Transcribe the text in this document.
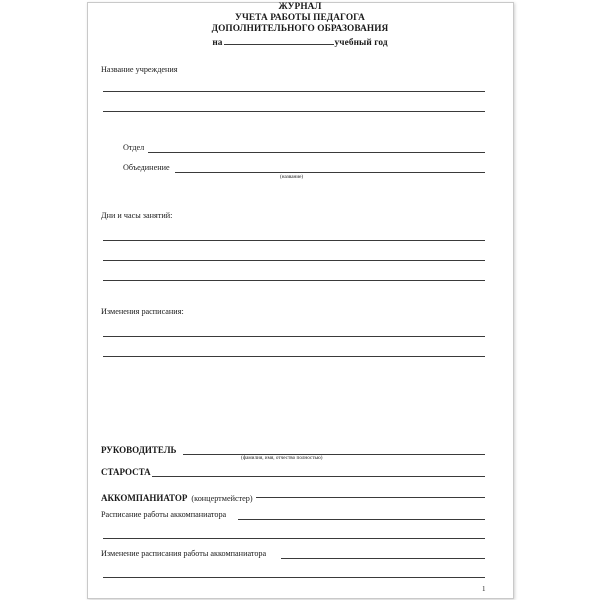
ЖУРНАЛ
УЧЕТА РАБОТЫ ПЕДАГОГА
ДОПОЛНИТЕЛЬНОГО ОБРАЗОВАНИЯ
на	учебный год
Название учреждения
Отдел
Объединение
(название)
Дни и часы занятий:
Изменения расписания:
РУКОВОДИТЕЛЬ
(фамилия, имя, отчество полностью)
СТАРОСТА
АККОМПАНИАТОР (концертмейстер)
Расписание работы аккомпаниатора
Изменение расписания работы аккомпаниатора
1
